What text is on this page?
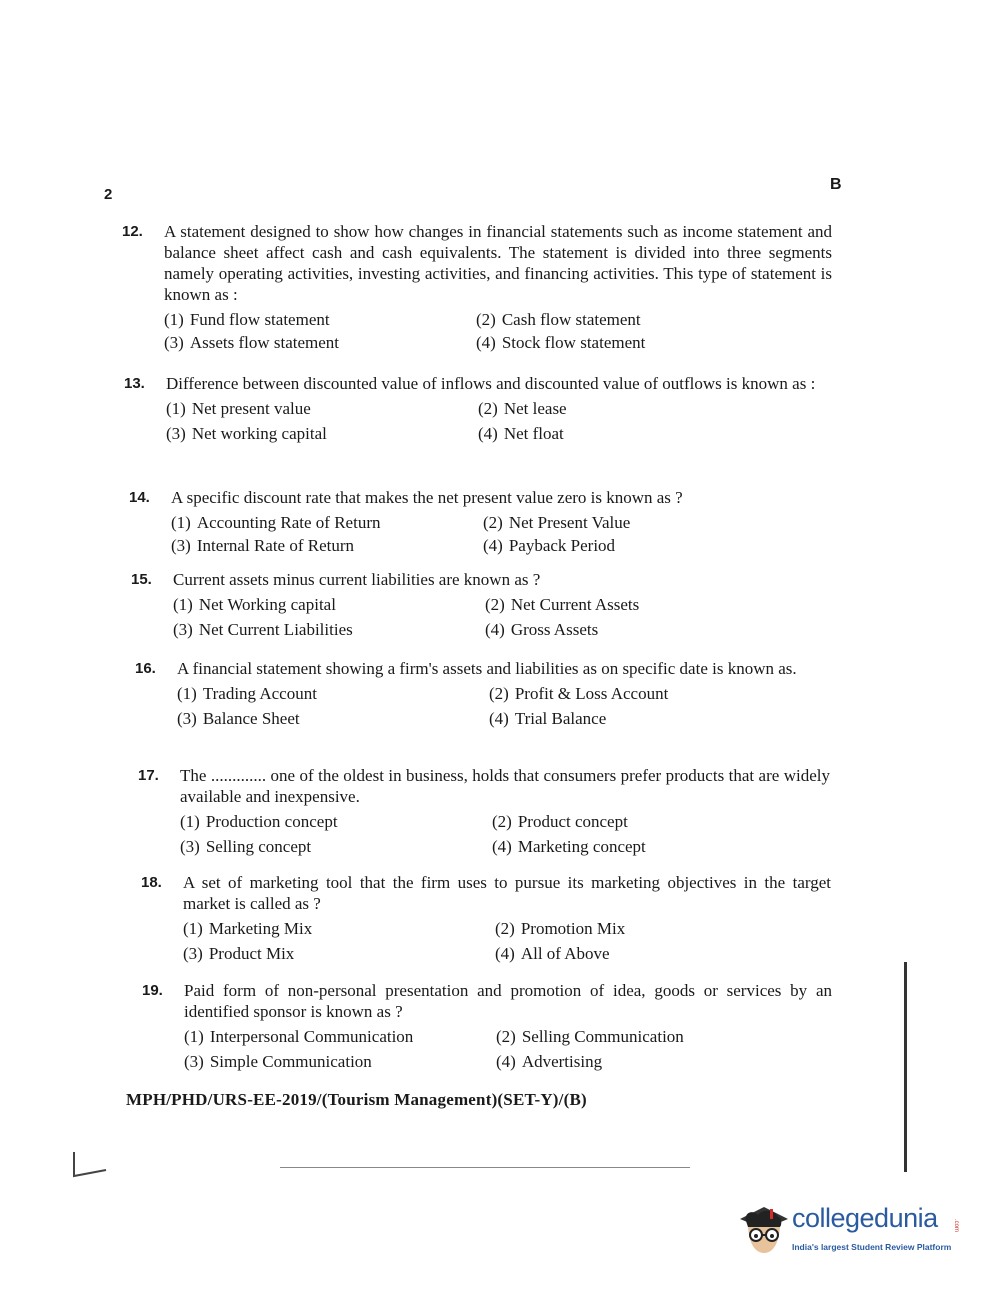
2
B
12. A statement designed to show how changes in financial statements such as income statement and balance sheet affect cash and cash equivalents. The statement is divided into three segments namely operating activities, investing activities, and financing activities. This type of statement is known as :

(1) Fund flow statement	(2) Cash flow statement
(3) Assets flow statement	(4) Stock flow statement
13. Difference between discounted value of inflows and discounted value of outflows is known as :

(1) Net present value	(2) Net lease
(3) Net working capital	(4) Net float
14. A specific discount rate that makes the net present value zero is known as ?

(1) Accounting Rate of Return	(2) Net Present Value
(3) Internal Rate of Return	(4) Payback Period
15. Current assets minus current liabilities are known as ?

(1) Net Working capital	(2) Net Current Assets
(3) Net Current Liabilities	(4) Gross Assets
16. A financial statement showing a firm's assets and liabilities as on specific date is known as.

(1) Trading Account	(2) Profit & Loss Account
(3) Balance Sheet	(4) Trial Balance
17. The ............. one of the oldest in business, holds that consumers prefer products that are widely available and inexpensive.

(1) Production concept	(2) Product concept
(3) Selling concept	(4) Marketing concept
18. A set of marketing tool that the firm uses to pursue its marketing objectives in the target market is called as ?

(1) Marketing Mix	(2) Promotion Mix
(3) Product Mix	(4) All of Above
19. Paid form of non-personal presentation and promotion of idea, goods or services by an identified sponsor is known as ?

(1) Interpersonal Communication	(2) Selling Communication
(3) Simple Communication	(4) Advertising
MPH/PHD/URS-EE-2019/(Tourism Management)(SET-Y)/(B)
collegedunia	.com
India's largest Student Review Platform
